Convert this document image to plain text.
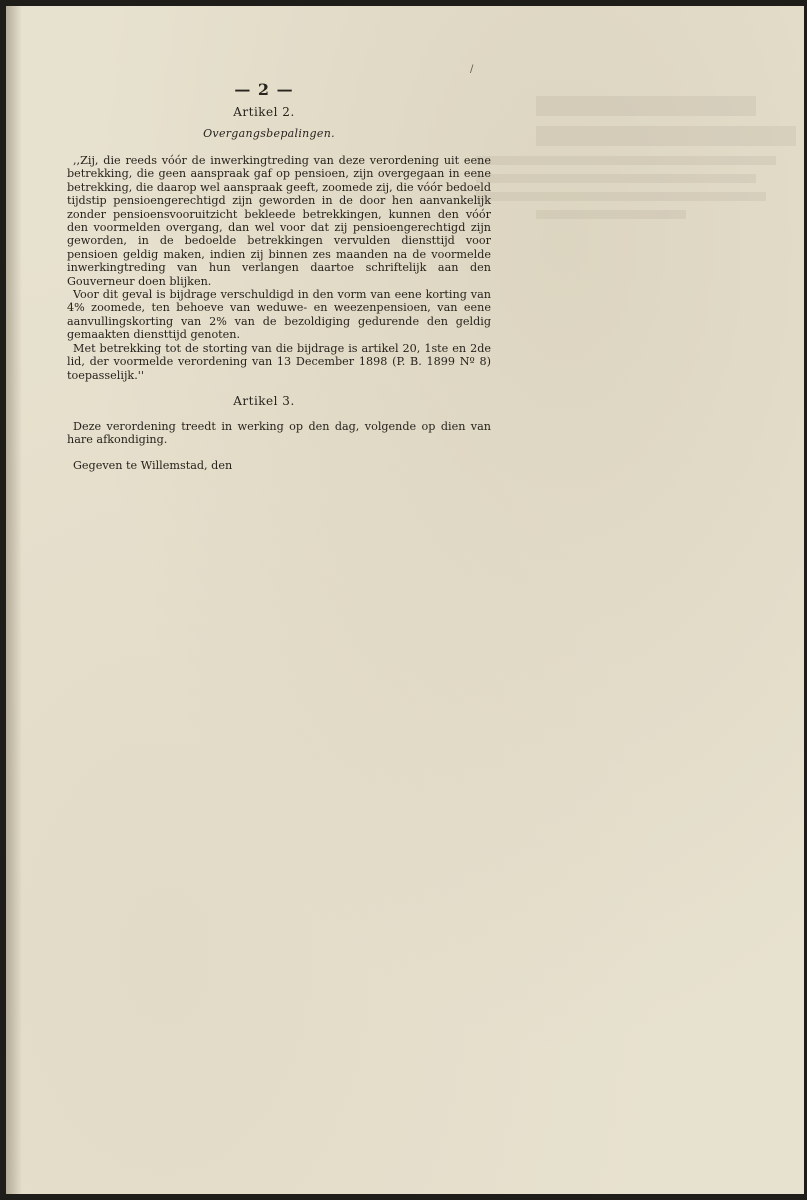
/
— 2 —
Artikel 2.
Overgangsbepalingen.

,,Zij, die reeds vóór de inwerkingtreding van deze verordening uit eene betrekking, die geen aanspraak gaf op pensioen, zijn overgegaan in eene betrekking, die daarop wel aanspraak geeft, zoomede zij, die vóór bedoeld tijdstip pensioengerechtigd zijn geworden in de door hen aanvankelijk zonder pensioensvooruitzicht bekleede betrekkingen, kunnen den vóór den voormelden overgang, dan wel voor dat zij pensioengerechtigd zijn geworden, in de bedoelde betrekkingen vervulden diensttijd voor pensioen geldig maken, indien zij binnen zes maanden na de voormelde inwerkingtreding van hun verlangen daartoe schriftelijk aan den Gouverneur doen blijken.

Voor dit geval is bijdrage verschuldigd in den vorm van eene korting van 4% zoomede, ten behoeve van weduwe- en weezenpensioen, van eene aanvullingskorting van 2% van de bezoldiging gedurende den geldig gemaakten diensttijd genoten.

Met betrekking tot de storting van die bijdrage is artikel 20, 1ste en 2de lid, der voormelde verordening van 13 December 1898 (P. B. 1899 Nº 8) toepasselijk.''

Artikel 3.

Deze verordening treedt in werking op den dag, volgende op dien van hare afkondiging.

Gegeven te Willemstad, den
